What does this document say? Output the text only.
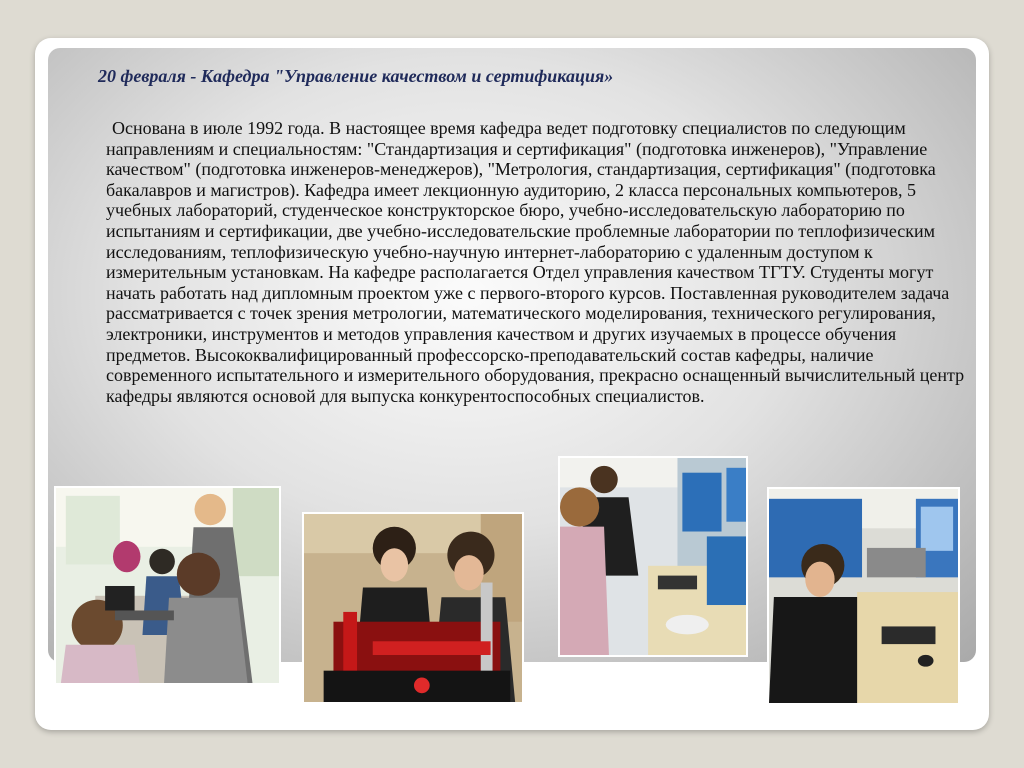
20 февраля - Кафедра "Управление качеством и сертификация»
Основана в июле 1992 года. В настоящее время кафедра ведет подготовку специалистов по следующим направлениям и специальностям: "Стандартизация и сертификация" (подготовка инженеров), "Управление качеством" (подготовка инженеров-менеджеров), "Метрология, стандартизация, сертификация" (подготовка бакалавров и магистров). Кафедра имеет лекционную аудиторию, 2 класса персональных компьютеров, 5 учебных лабораторий, студенческое конструкторское бюро, учебно-исследовательскую лабораторию по испытаниям и сертификации, две учебно-исследовательские проблемные лаборатории по теплофизическим исследованиям, теплофизическую учебно-научную интернет-лабораторию с удаленным доступом к измерительным установкам. На кафедре располагается Отдел управления качеством ТГТУ. Студенты могут начать работать над дипломным проектом уже с первого-второго курсов. Поставленная руководителем задача рассматривается с точек зрения метрологии, математического моделирования, технического регулирования, электроники, инструментов и методов управления качеством и других изучаемых в процессе обучения предметов. Высококвалифицированный профессорско-преподавательский состав кафедры, наличие современного испытательного и измерительного оборудования, прекрасно оснащенный вычислительный центр кафедры являются основой для выпуска конкурентоспособных специалистов.
